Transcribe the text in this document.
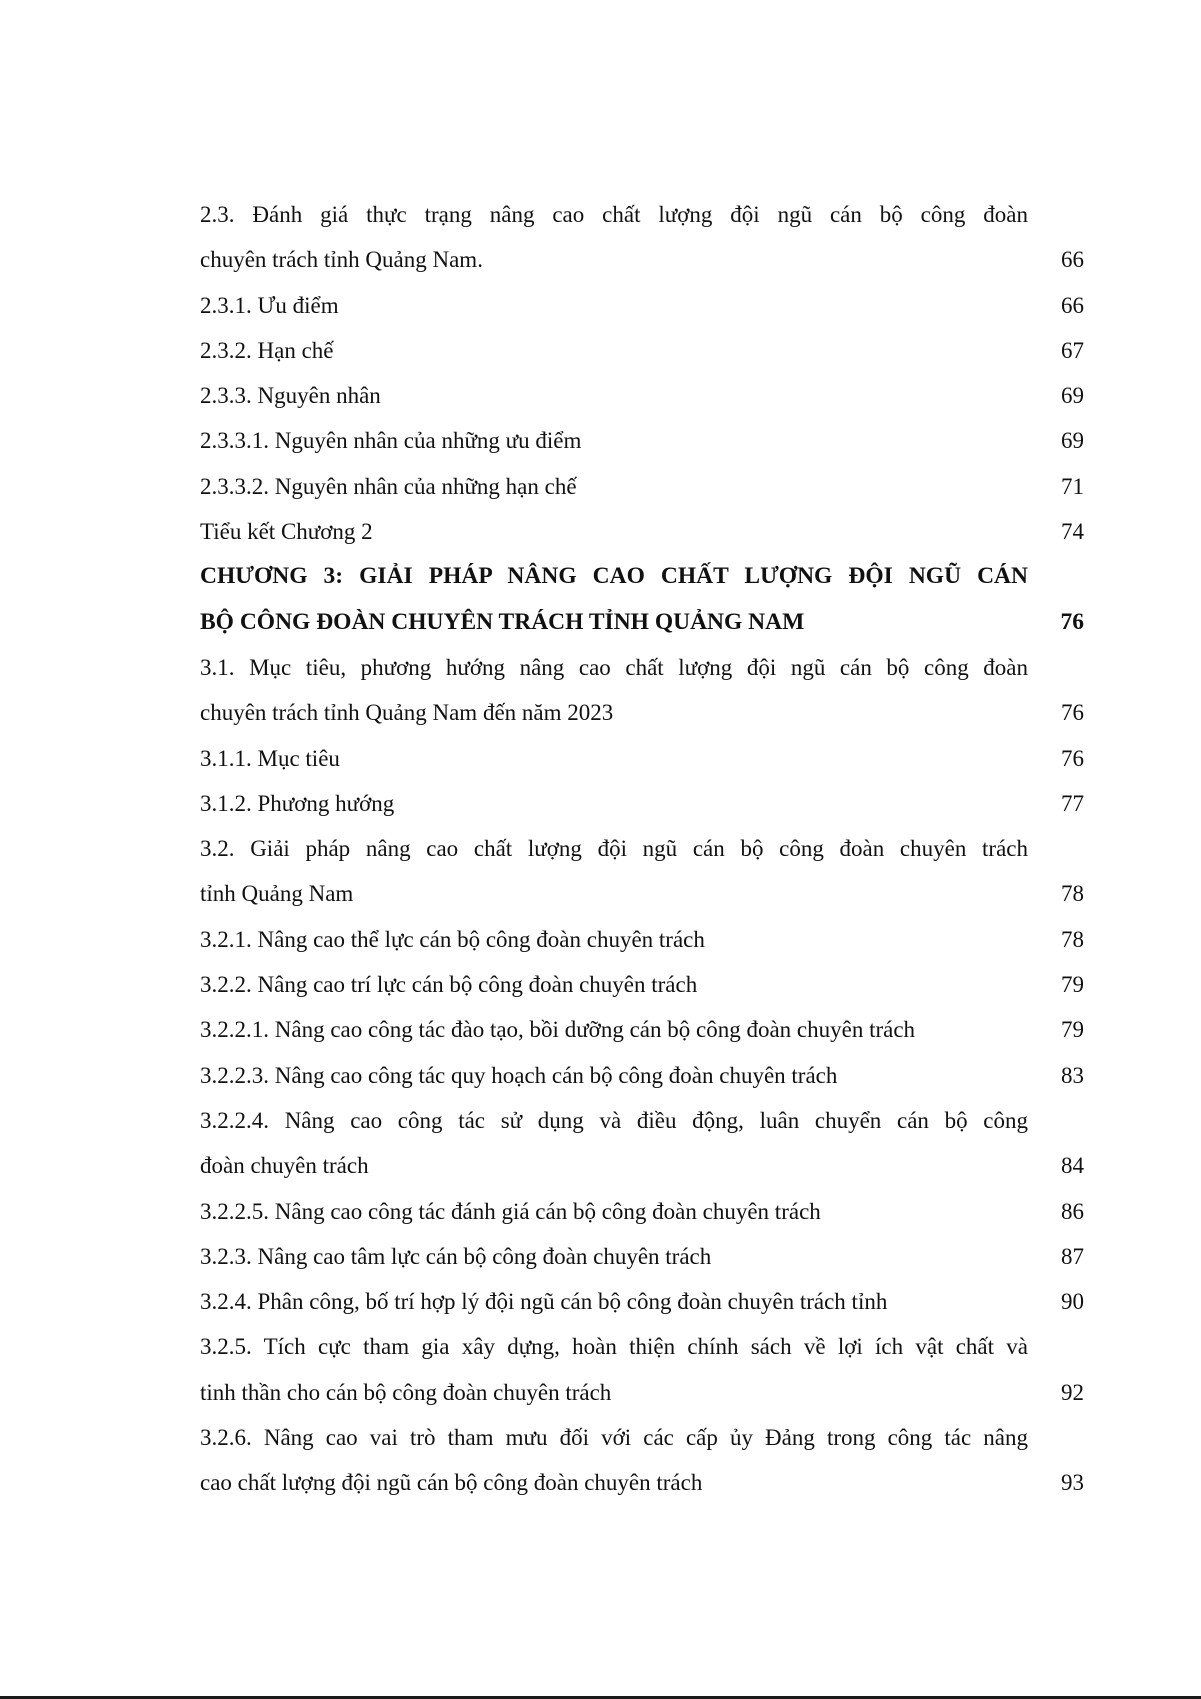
2.3. Đánh giá thực trạng nâng cao chất lượng đội ngũ cán bộ công đoàn
chuyên trách tỉnh Quảng Nam.	66
2.3.1. Ưu điểm	66
2.3.2. Hạn chế	67
2.3.3. Nguyên nhân	69
2.3.3.1. Nguyên nhân của những ưu điểm	69
2.3.3.2. Nguyên nhân của những hạn chế	71
Tiểu kết Chương 2	74
CHƯƠNG 3: GIẢI PHÁP NÂNG CAO CHẤT LƯỢNG ĐỘI NGŨ CÁN
BỘ CÔNG ĐOÀN CHUYÊN TRÁCH TỈNH QUẢNG NAM	76
3.1. Mục tiêu, phương hướng nâng cao chất lượng đội ngũ cán bộ công đoàn
chuyên trách tỉnh Quảng Nam đến năm 2023	76
3.1.1. Mục tiêu	76
3.1.2. Phương hướng	77
3.2. Giải pháp nâng cao chất lượng đội ngũ cán bộ công đoàn chuyên trách
tỉnh Quảng Nam	78
3.2.1. Nâng cao thể lực cán bộ công đoàn chuyên trách	78
3.2.2. Nâng cao trí lực cán bộ công đoàn chuyên trách	79
3.2.2.1. Nâng cao công tác đào tạo, bồi dưỡng cán bộ công đoàn chuyên trách	79
3.2.2.3. Nâng cao công tác quy hoạch cán bộ công đoàn chuyên trách	83
3.2.2.4. Nâng cao công tác sử dụng và điều động, luân chuyển cán bộ công
đoàn chuyên trách	84
3.2.2.5. Nâng cao công tác đánh giá cán bộ công đoàn chuyên trách	86
3.2.3. Nâng cao tâm lực cán bộ công đoàn chuyên trách	87
3.2.4. Phân công, bố trí hợp lý đội ngũ cán bộ công đoàn chuyên trách tỉnh	90
3.2.5. Tích cực tham gia xây dựng, hoàn thiện chính sách về lợi ích vật chất và
tinh thần cho cán bộ công đoàn chuyên trách	92
3.2.6. Nâng cao vai trò tham mưu đối với các cấp ủy Đảng trong công tác nâng
cao chất lượng đội ngũ cán bộ công đoàn chuyên trách	93
